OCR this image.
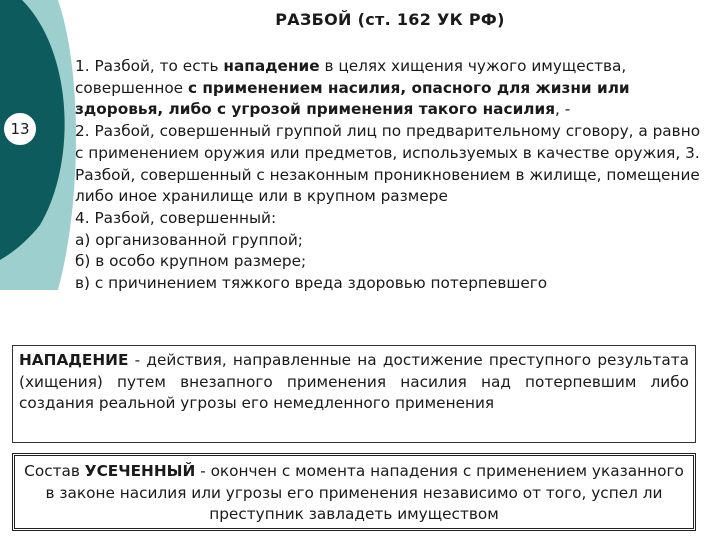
13
РАЗБОЙ (ст. 162 УК РФ)
1. Разбой, то есть нападение в целях хищения чужого имущества, совершенное с применением насилия, опасного для жизни или здоровья, либо с угрозой применения такого насилия, -
2. Разбой, совершенный группой лиц по предварительному сговору, а равно с применением оружия или предметов, используемых в качестве оружия, 3. Разбой, совершенный с незаконным проникновением в жилище, помещение либо иное хранилище или в крупном размере
4. Разбой, совершенный:
а) организованной группой;
б) в особо крупном размере;
в) с причинением тяжкого вреда здоровью потерпевшего
НАПАДЕНИЕ - действия, направленные на достижение преступного результата (хищения) путем внезапного применения насилия над потерпевшим либо создания реальной угрозы его немедленного применения
Состав УСЕЧЕННЫЙ - окончен с момента нападения с применением указанного в законе насилия или угрозы его применения независимо от того, успел ли преступник завладеть имуществом
